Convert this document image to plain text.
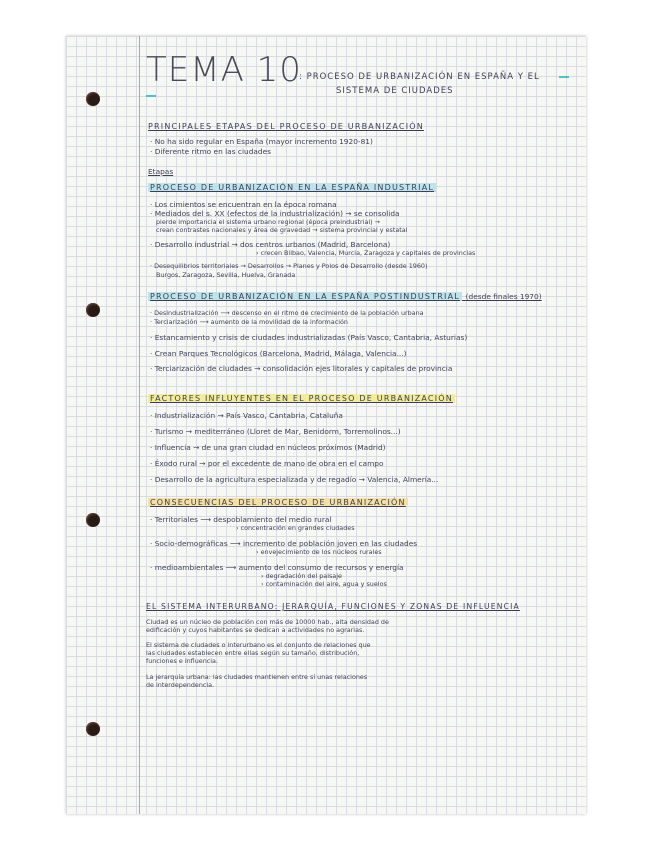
TEMA 10
: PROCESO DE URBANIZACIÓN EN ESPAÑA Y EL
SISTEMA DE CIUDADES
PRINCIPALES ETAPAS DEL PROCESO DE URBANIZACIÓN
· No ha sido regular en España (mayor incremento 1920-81)
· Diferente ritmo en las ciudades
Etapas
PROCESO DE URBANIZACIÓN EN LA ESPAÑA INDUSTRIAL
· Los cimientos se encuentran en la época romana
· Mediados del s. XX (efectos de la industrialización) → se consolida
pierde importancia el sistema urbano regional (época preindustrial) →
crean contrastes nacionales y área de gravedad → sistema provincial y estatal
· Desarrollo industrial → dos centros urbanos (Madrid, Barcelona)
› crecen Bilbao, Valencia, Murcia, Zaragoza y capitales de provincias
· Desequilibrios territoriales → Desarrollos → Planes y Polos de Desarrollo (desde 1960)
Burgos, Zaragoza, Sevilla, Huelva, Granada
PROCESO DE URBANIZACIÓN EN LA ESPAÑA POSTINDUSTRIAL (desde finales 1970)
· Desindustrialización ⟶ descenso en el ritmo de crecimiento de la población urbana
· Terciarización ⟶ aumento de la movilidad de la información
· Estancamiento y crisis de ciudades industrializadas (País Vasco, Cantabria, Asturias)
· Crean Parques Tecnológicos (Barcelona, Madrid, Málaga, Valencia...)
· Terciarización de ciudades → consolidación ejes litorales y capitales de provincia
FACTORES INFLUYENTES EN EL PROCESO DE URBANIZACIÓN
· Industrialización → País Vasco, Cantabria, Cataluña
· Turismo → mediterráneo (Lloret de Mar, Benidorm, Torremolinos...)
· Influencia → de una gran ciudad en núcleos próximos (Madrid)
· Éxodo rural → por el excedente de mano de obra en el campo
· Desarrollo de la agricultura especializada y de regadío → Valencia, Almería...
CONSECUENCIAS DEL PROCESO DE URBANIZACIÓN
· Territoriales ⟶ despoblamiento del medio rural
› concentración en grandes ciudades
· Socio-demográficas ⟶ incremento de población joven en las ciudades
› envejecimiento de los núcleos rurales
· medioambientales ⟶ aumento del consumo de recursos y energía
› degradación del paisaje
› contaminación del aire, agua y suelos
EL SISTEMA INTERURBANO: JERARQUÍA, FUNCIONES Y ZONAS DE INFLUENCIA
Ciudad es un núcleo de población con más de 10000 hab., alta densidad de
edificación y cuyos habitantes se dedican a actividades no agrarias.
El sistema de ciudades o interurbano es el conjunto de relaciones que
las ciudades establecen entre ellas según su tamaño, distribución,
funciones e influencia.
La jerarquía urbana: las ciudades mantienen entre sí unas relaciones
de interdependencia.
